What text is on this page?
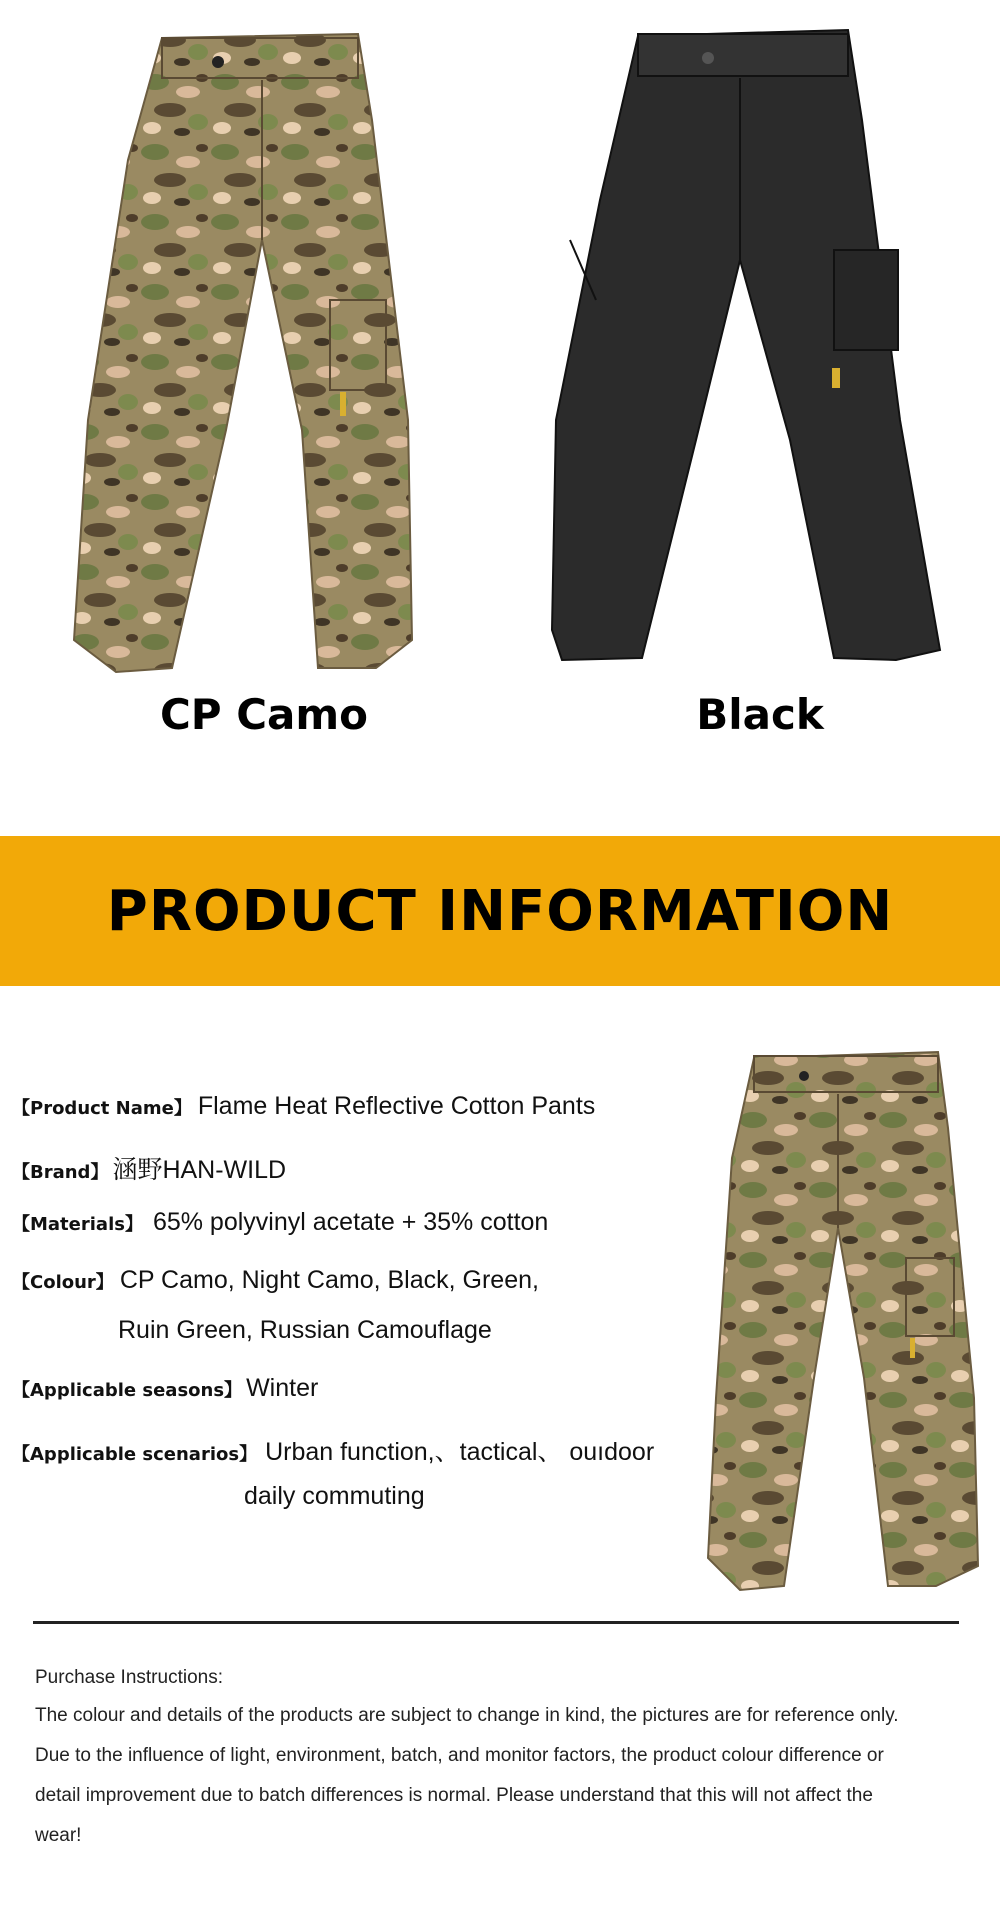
CP Camo	Black
PRODUCT INFORMATION
【Product Name】 Flame Heat Reflective Cotton Pants
【Brand】 涵野HAN-WILD
【Materials】 65% polyvinyl acetate + 35% cotton
【Colour】 CP Camo, Night Camo, Black, Green,
Ruin Green, Russian Camouflage
【Applicable seasons】 Winter
【Applicable scenarios】 Urban function,、tactical、 ouıdoor
daily commuting
Purchase Instructions:
The colour and details of the products are subject to change in kind, the pictures are for reference only.
Due to the influence of light, environment, batch, and monitor factors, the product colour difference or
detail improvement due to batch differences is normal. Please understand that this will not affect the
wear!
